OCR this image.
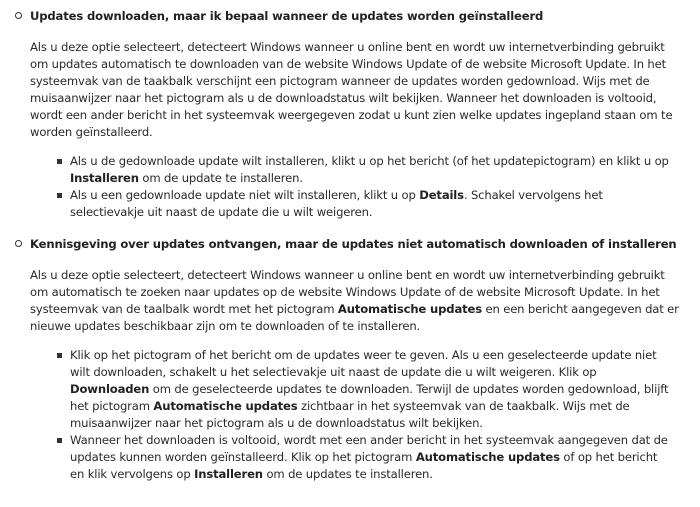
Updates downloaden, maar ik bepaal wanneer de updates worden geïnstalleerd
Als u deze optie selecteert, detecteert Windows wanneer u online bent en wordt uw internetverbinding gebruikt om updates automatisch te downloaden van de website Windows Update of de website Microsoft Update. In het systeemvak van de taakbalk verschijnt een pictogram wanneer de updates worden gedownload. Wijs met de muisaanwijzer naar het pictogram als u de downloadstatus wilt bekijken. Wanneer het downloaden is voltooid, wordt een ander bericht in het systeemvak weergegeven zodat u kunt zien welke updates ingepland staan om te worden geïnstalleerd.
Als u de gedownloade update wilt installeren, klikt u op het bericht (of het updatepictogram) en klikt u op Installeren om de update te installeren.
Als u een gedownloade update niet wilt installeren, klikt u op Details. Schakel vervolgens het selectievakje uit naast de update die u wilt weigeren.
Kennisgeving over updates ontvangen, maar de updates niet automatisch downloaden of installeren
Als u deze optie selecteert, detecteert Windows wanneer u online bent en wordt uw internetverbinding gebruikt om automatisch te zoeken naar updates op de website Windows Update of de website Microsoft Update. In het systeemvak van de taalbalk wordt met het pictogram Automatische updates en een bericht aangegeven dat er nieuwe updates beschikbaar zijn om te downloaden of te installeren.
Klik op het pictogram of het bericht om de updates weer te geven. Als u een geselecteerde update niet wilt downloaden, schakelt u het selectievakje uit naast de update die u wilt weigeren. Klik op Downloaden om de geselecteerde updates te downloaden. Terwijl de updates worden gedownload, blijft het pictogram Automatische updates zichtbaar in het systeemvak van de taakbalk. Wijs met de muisaanwijzer naar het pictogram als u de downloadstatus wilt bekijken.
Wanneer het downloaden is voltooid, wordt met een ander bericht in het systeemvak aangegeven dat de updates kunnen worden geïnstalleerd. Klik op het pictogram Automatische updates of op het bericht en klik vervolgens op Installeren om de updates te installeren.
